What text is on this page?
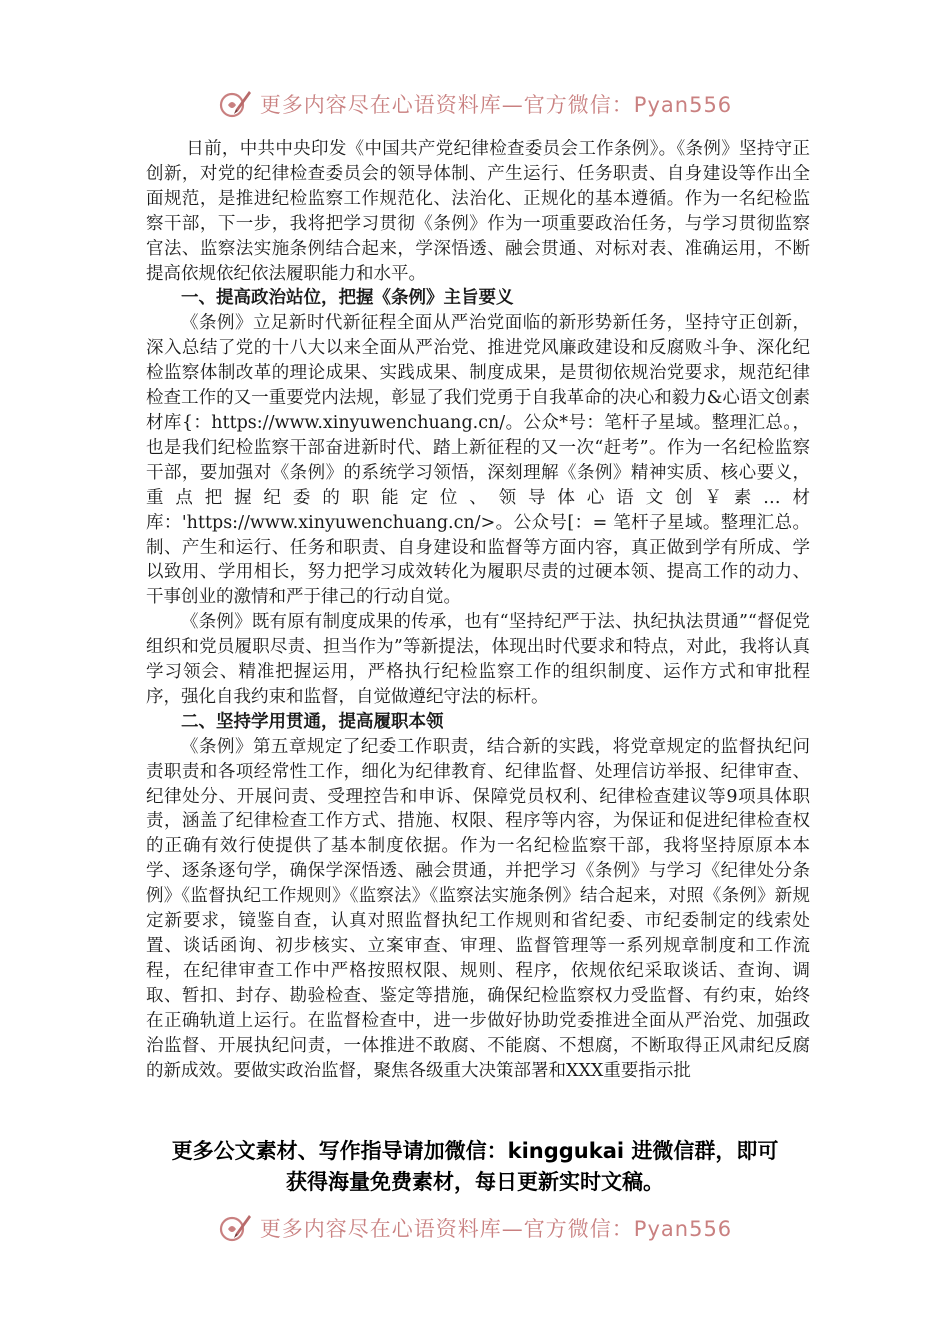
更多内容尽在心语资料库—官方微信：Pyan556

日前，中共中央印发《中国共产党纪律检查委员会工作条例》。《条例》坚持守正创新，对党的纪律检查委员会的领导体制、产生运行、任务职责、自身建设等作出全面规范，是推进纪检监察工作规范化、法治化、正规化的基本遵循。作为一名纪检监察干部，下一步，我将把学习贯彻《条例》作为一项重要政治任务，与学习贯彻监察官法、监察法实施条例结合起来，学深悟透、融会贯通、对标对表、准确运用，不断提高依规依纪依法履职能力和水平。

一、提高政治站位，把握《条例》主旨要义

《条例》立足新时代新征程全面从严治党面临的新形势新任务，坚持守正创新，深入总结了党的十八大以来全面从严治党、推进党风廉政建设和反腐败斗争、深化纪检监察体制改革的理论成果、实践成果、制度成果，是贯彻依规治党要求，规范纪律检查工作的又一重要党内法规，彰显了我们党勇于自我革命的决心和毅力&心语文创素材库{：https://www.xinyuwenchuang.cn/。公众*号：笔杆子星域。整理汇总。，也是我们纪检监察干部奋进新时代、踏上新征程的又一次“赶考”。作为一名纪检监察干部，要加强对《条例》的系统学习领悟，深刻理解《条例》精神实质、核心要义，重点把握纪委的职能定位、领导体心语文创￥素…材库：'https://www.xinyuwenchuang.cn/>。公众号[：= 笔杆子星域。整理汇总。制、产生和运行、任务和职责、自身建设和监督等方面内容，真正做到学有所成、学以致用、学用相长，努力把学习成效转化为履职尽责的过硬本领、提高工作的动力、干事创业的激情和严于律己的行动自觉。

《条例》既有原有制度成果的传承，也有“坚持纪严于法、执纪执法贯通”“督促党组织和党员履职尽责、担当作为”等新提法，体现出时代要求和特点，对此，我将认真学习领会、精准把握运用，严格执行纪检监察工作的组织制度、运作方式和审批程序，强化自我约束和监督，自觉做遵纪守法的标杆。

二、坚持学用贯通，提高履职本领

《条例》第五章规定了纪委工作职责，结合新的实践，将党章规定的监督执纪问责职责和各项经常性工作，细化为纪律教育、纪律监督、处理信访举报、纪律审查、纪律处分、开展问责、受理控告和申诉、保障党员权利、纪律检查建议等9项具体职责，涵盖了纪律检查工作方式、措施、权限、程序等内容，为保证和促进纪律检查权的正确有效行使提供了基本制度依据。作为一名纪检监察干部，我将坚持原原本本学、逐条逐句学，确保学深悟透、融会贯通，并把学习《条例》与学习《纪律处分条例》《监督执纪工作规则》《监察法》《监察法实施条例》结合起来，对照《条例》新规定新要求，镜鉴自查，认真对照监督执纪工作规则和省纪委、市纪委制定的线索处置、谈话函询、初步核实、立案审查、审理、监督管理等一系列规章制度和工作流程，在纪律审查工作中严格按照权限、规则、程序，依规依纪采取谈话、查询、调取、暂扣、封存、勘验检查、鉴定等措施，确保纪检监察权力受监督、有约束，始终在正确轨道上运行。在监督检查中，进一步做好协助党委推进全面从严治党、加强政治监督、开展执纪问责，一体推进不敢腐、不能腐、不想腐，不断取得正风肃纪反腐的新成效。要做实政治监督，聚焦各级重大决策部署和XXX重要指示批

更多公文素材、写作指导请加微信：kinggukai 进微信群，即可
获得海量免费素材，每日更新实时文稿。
更多内容尽在心语资料库—官方微信：Pyan556
